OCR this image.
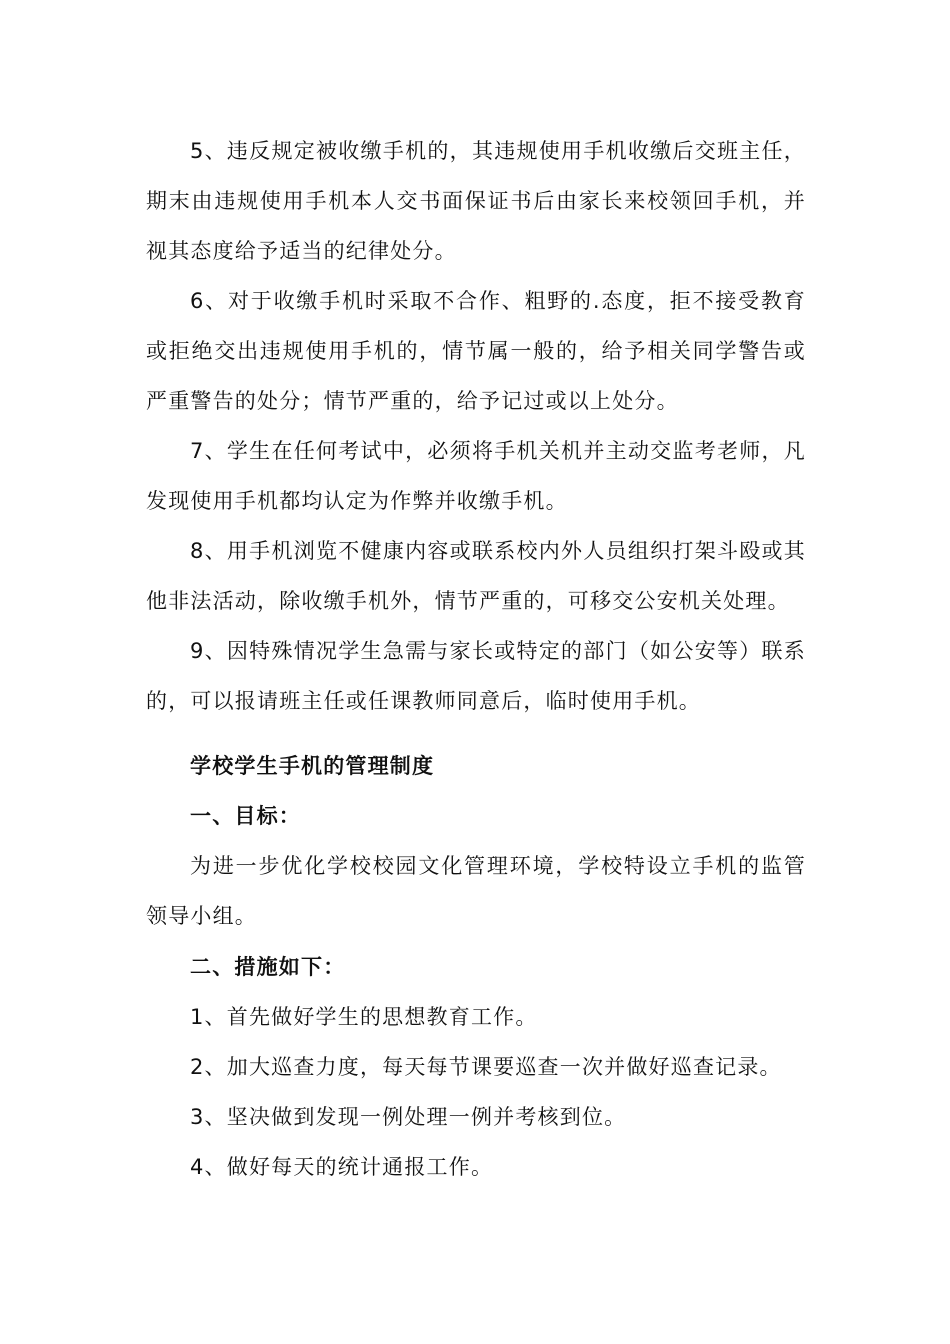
5、违反规定被收缴手机的，其违规使用手机收缴后交班主任，期末由违规使用手机本人交书面保证书后由家长来校领回手机，并视其态度给予适当的纪律处分。

6、对于收缴手机时采取不合作、粗野的.态度，拒不接受教育或拒绝交出违规使用手机的，情节属一般的，给予相关同学警告或严重警告的处分；情节严重的，给予记过或以上处分。

7、学生在任何考试中，必须将手机关机并主动交监考老师，凡发现使用手机都均认定为作弊并收缴手机。

8、用手机浏览不健康内容或联系校内外人员组织打架斗殴或其他非法活动，除收缴手机外，情节严重的，可移交公安机关处理。

9、因特殊情况学生急需与家长或特定的部门（如公安等）联系的，可以报请班主任或任课教师同意后，临时使用手机。

学校学生手机的管理制度
一、目标：

为进一步优化学校校园文化管理环境，学校特设立手机的监管领导小组。

二、措施如下：

1、首先做好学生的思想教育工作。

2、加大巡查力度，每天每节课要巡查一次并做好巡查记录。

3、坚决做到发现一例处理一例并考核到位。

4、做好每天的统计通报工作。
